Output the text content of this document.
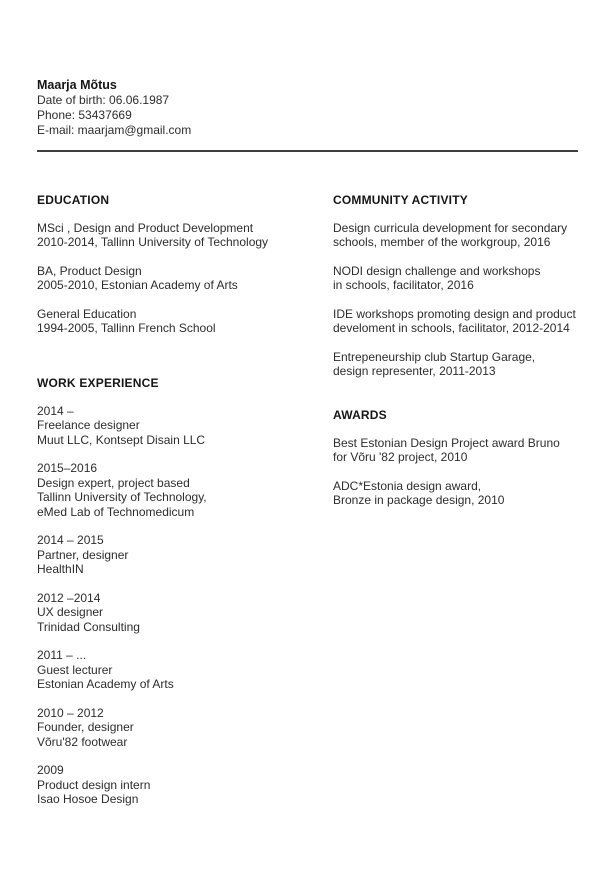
Maarja Mõtus
Date of birth: 06.06.1987
Phone: 53437669
E-mail: maarjam@gmail.com
EDUCATION
MSci , Design and Product Development
2010-2014, Tallinn University of Technology
BA, Product Design
2005-2010, Estonian Academy of Arts
General Education
1994-2005, Tallinn French School
WORK EXPERIENCE
2014 –
Freelance designer
Muut LLC, Kontsept Disain LLC
2015–2016
Design expert, project based
Tallinn University of Technology,
eMed Lab of Technomedicum
2014 – 2015
Partner, designer
HealthIN
2012 –2014
UX designer
Trinidad Consulting
2011 – ...
Guest lecturer
Estonian Academy of Arts
2010 – 2012
Founder, designer
Võru'82 footwear
2009
Product design intern
Isao Hosoe Design
COMMUNITY ACTIVITY
Design curricula development for secondary
schools, member of the workgroup, 2016
NODI design challenge and workshops
in schools, facilitator, 2016
IDE workshops promoting design and product
develoment in schools, facilitator, 2012-2014
Entrepeneurship club Startup Garage,
design representer, 2011-2013
AWARDS
Best Estonian Design Project award Bruno
for Võru '82 project, 2010
ADC*Estonia design award,
Bronze in package design, 2010
